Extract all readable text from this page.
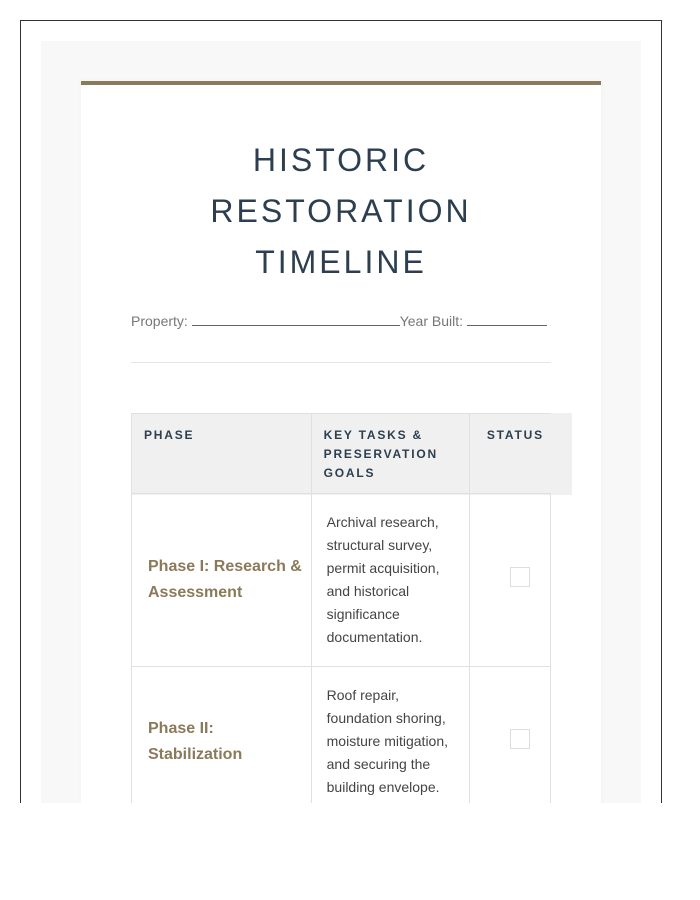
HISTORIC
RESTORATION
TIMELINE
Property:	Year Built:
PHASE	KEY TASKS & PRESERVATION GOALS	STATUS
Phase I: Research & Assessment	Archival research, structural survey, permit acquisition, and historical significance documentation.	
Phase II: Stabilization	Roof repair, foundation shoring, moisture mitigation, and securing the building envelope.	
